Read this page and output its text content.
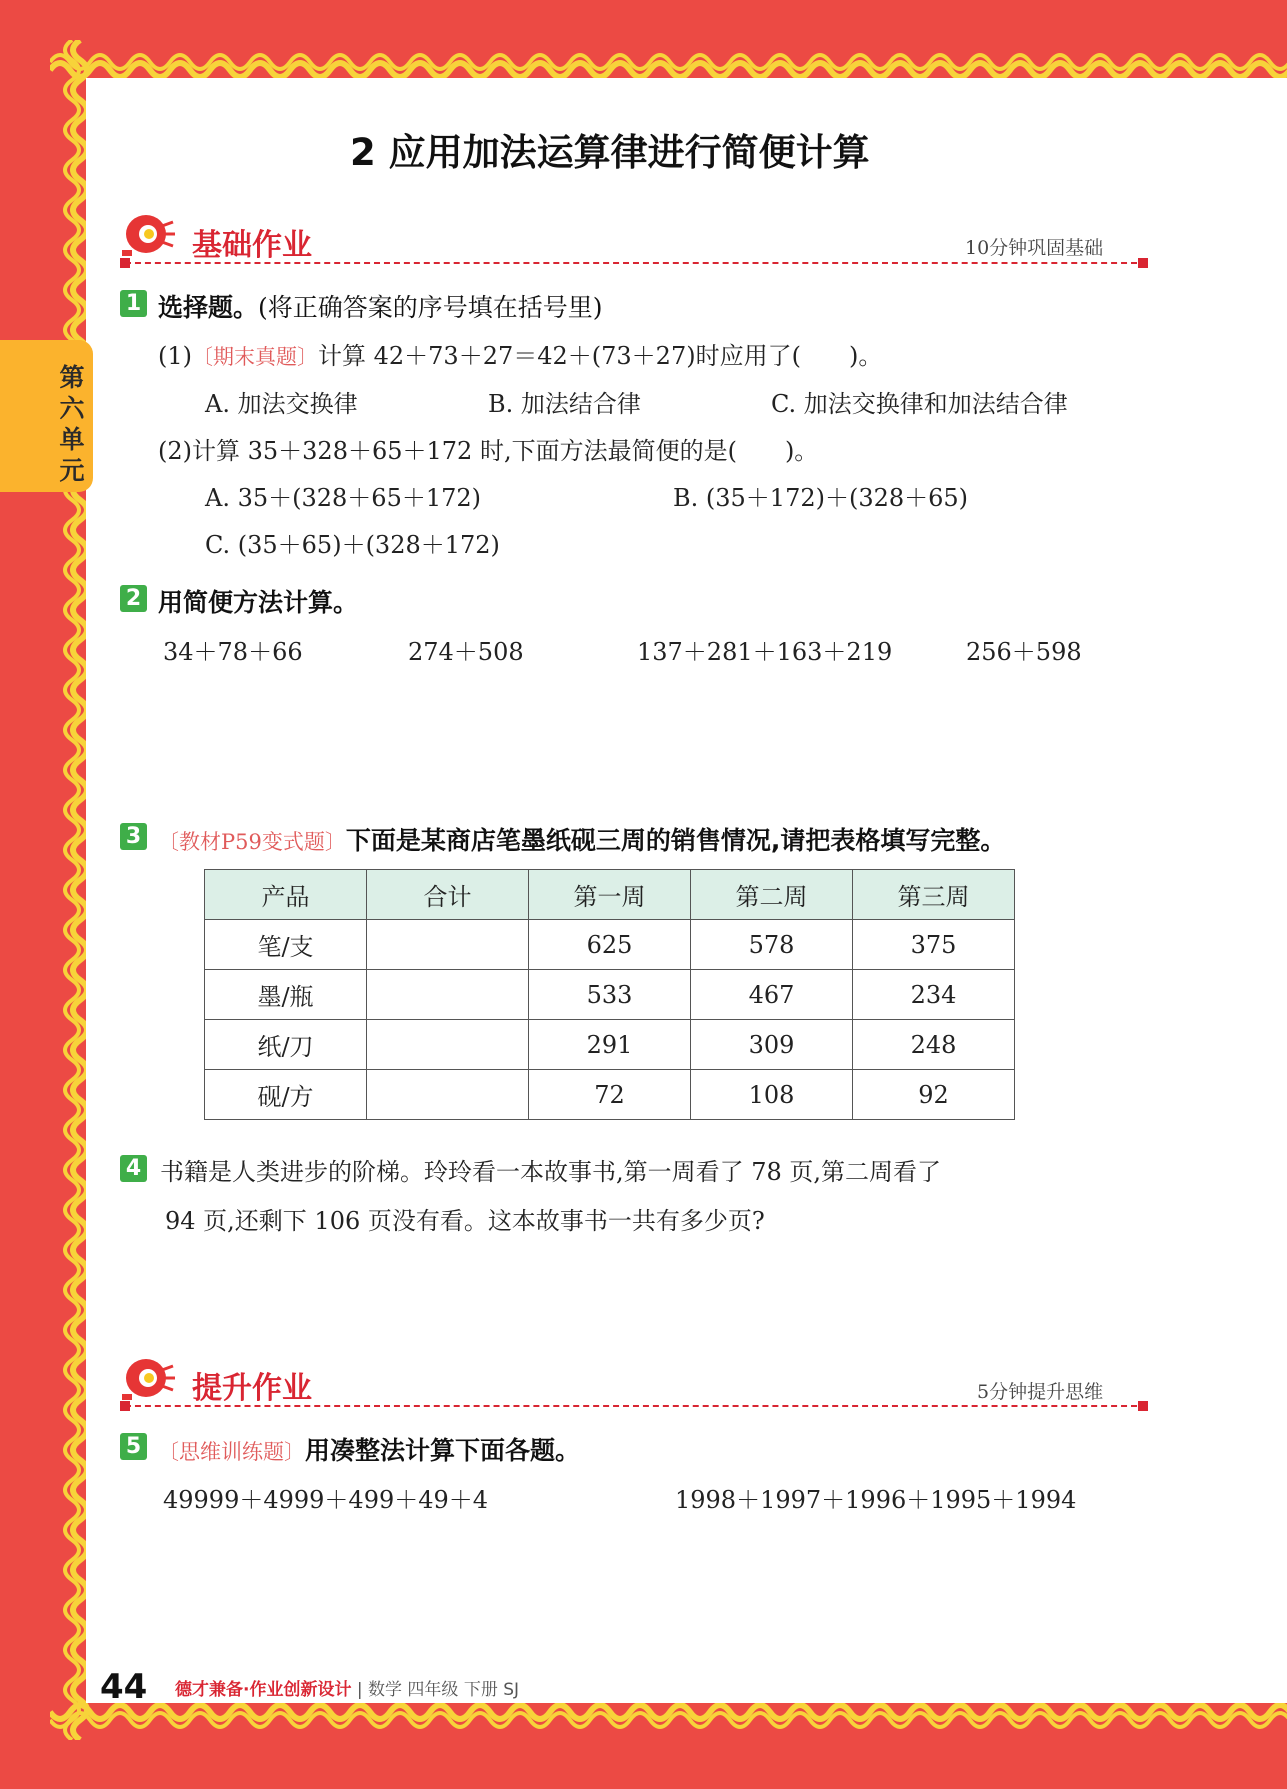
第六单元
2 应用加法运算律进行简便计算
基础作业	10分钟巩固基础
1 选择题。(将正确答案的序号填在括号里)
(1)〔期末真题〕计算 42＋73＋27＝42＋(73＋27)时应用了(　　)。
A. 加法交换律	B. 加法结合律	C. 加法交换律和加法结合律
(2)计算 35＋328＋65＋172 时,下面方法最简便的是(　　)。
A. 35＋(328＋65＋172)	B. (35＋172)＋(328＋65)
C. (35＋65)＋(328＋172)
2 用简便方法计算。
34＋78＋66	274＋508	137＋281＋163＋219	256＋598
3 〔教材P59变式题〕下面是某商店笔墨纸砚三周的销售情况,请把表格填写完整。
产品	合计	第一周	第二周	第三周
笔/支		625	578	375
墨/瓶		533	467	234
纸/刀		291	309	248
砚/方		72	108	92
4 书籍是人类进步的阶梯。玲玲看一本故事书,第一周看了 78 页,第二周看了
94 页,还剩下 106 页没有看。这本故事书一共有多少页?
提升作业	5分钟提升思维
5 〔思维训练题〕用凑整法计算下面各题。
49999＋4999＋499＋49＋4	1998＋1997＋1996＋1995＋1994
44 德才兼备·作业创新设计 | 数学 四年级 下册 SJ
